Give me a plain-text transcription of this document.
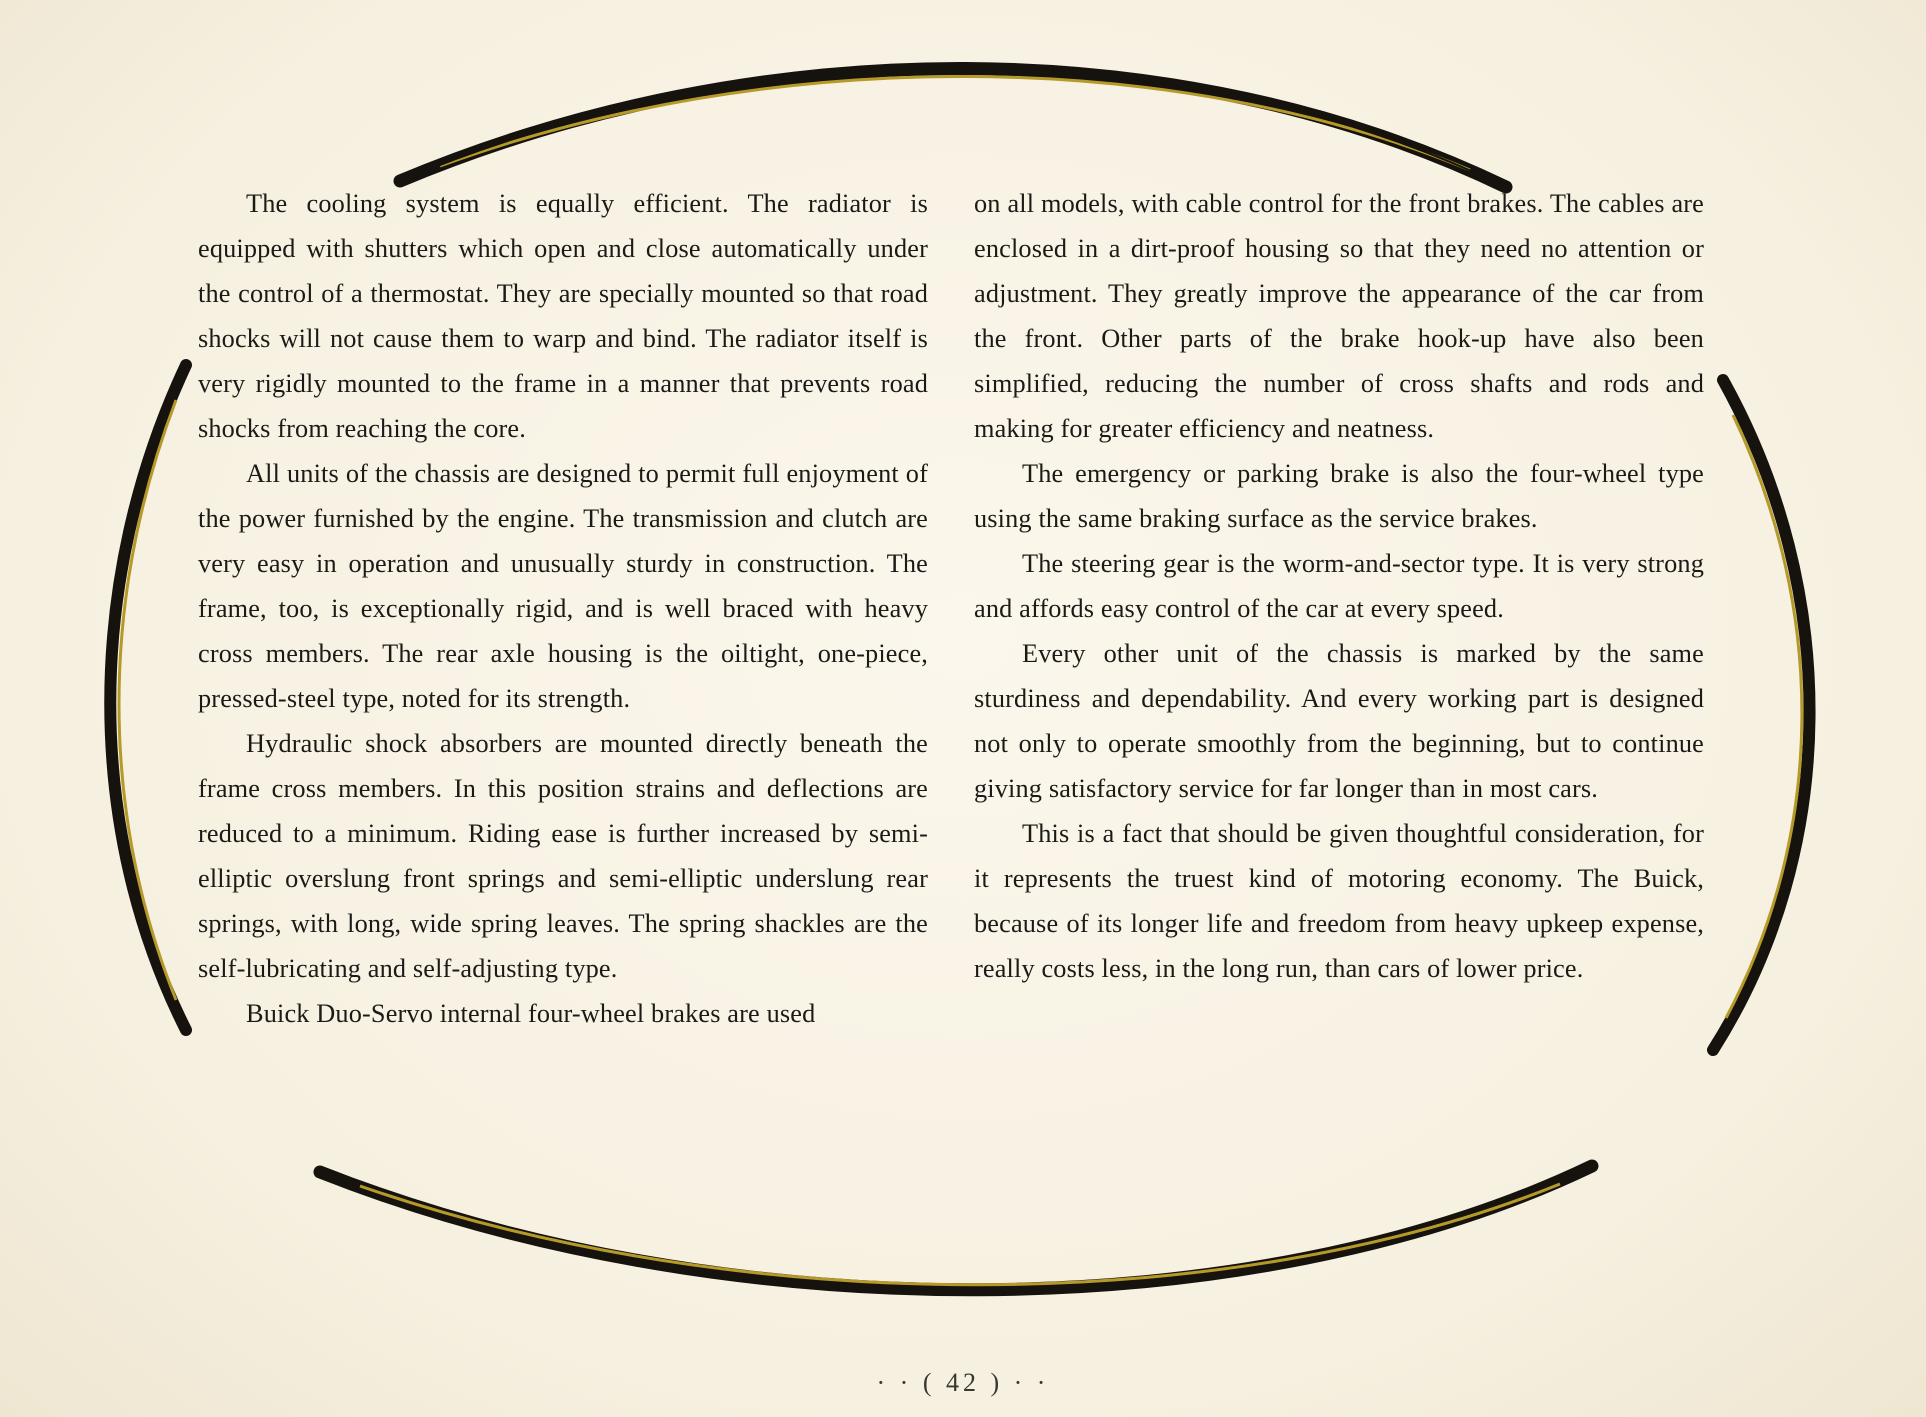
The cooling system is equally efficient. The radiator is equipped with shutters which open and close automatically under the control of a thermostat. They are specially mounted so that road shocks will not cause them to warp and bind. The radiator itself is very rigidly mounted to the frame in a manner that prevents road shocks from reaching the core.

All units of the chassis are designed to permit full enjoyment of the power furnished by the engine. The transmission and clutch are very easy in operation and unusually sturdy in construction. The frame, too, is exceptionally rigid, and is well braced with heavy cross members. The rear axle housing is the oiltight, one-piece, pressed-steel type, noted for its strength.

Hydraulic shock absorbers are mounted directly beneath the frame cross members. In this position strains and deflections are reduced to a minimum. Riding ease is further increased by semi-elliptic overslung front springs and semi-elliptic underslung rear springs, with long, wide spring leaves. The spring shackles are the self-lubricating and self-adjusting type.

Buick Duo-Servo internal four-wheel brakes are used

on all models, with cable control for the front brakes. The cables are enclosed in a dirt-proof housing so that they need no attention or adjustment. They greatly improve the appearance of the car from the front. Other parts of the brake hook-up have also been simplified, reducing the number of cross shafts and rods and making for greater efficiency and neatness.

The emergency or parking brake is also the four-wheel type using the same braking surface as the service brakes.

The steering gear is the worm-and-sector type. It is very strong and affords easy control of the car at every speed.

Every other unit of the chassis is marked by the same sturdiness and dependability. And every working part is designed not only to operate smoothly from the beginning, but to continue giving satisfactory service for far longer than in most cars.

This is a fact that should be given thoughtful consideration, for it represents the truest kind of motoring economy. The Buick, because of its longer life and freedom from heavy upkeep expense, really costs less, in the long run, than cars of lower price.

· · ( 42 ) · ·
